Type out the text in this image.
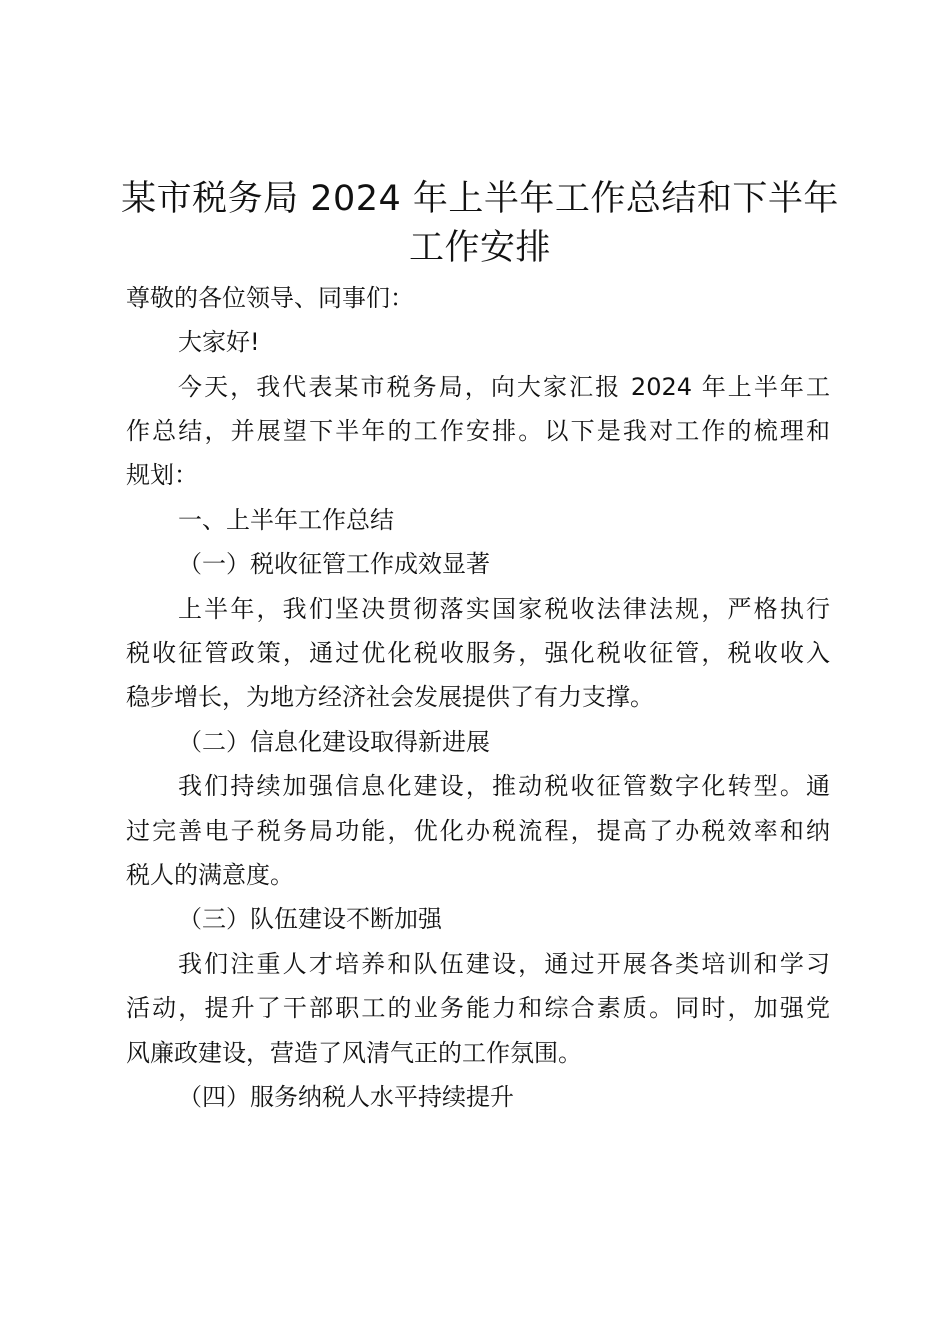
某市税务局 2024 年上半年工作总结和下半年
工作安排
尊敬的各位领导、同事们：
大家好!
今天，我代表某市税务局，向大家汇报 2024 年上半年工
作总结，并展望下半年的工作安排。以下是我对工作的梳理和
规划：
一、上半年工作总结
（一）税收征管工作成效显著
上半年，我们坚决贯彻落实国家税收法律法规，严格执行
税收征管政策，通过优化税收服务，强化税收征管，税收收入
稳步增长，为地方经济社会发展提供了有力支撑。
（二）信息化建设取得新进展
我们持续加强信息化建设，推动税收征管数字化转型。通
过完善电子税务局功能，优化办税流程，提高了办税效率和纳
税人的满意度。
（三）队伍建设不断加强
我们注重人才培养和队伍建设，通过开展各类培训和学习
活动，提升了干部职工的业务能力和综合素质。同时，加强党
风廉政建设，营造了风清气正的工作氛围。
（四）服务纳税人水平持续提升
